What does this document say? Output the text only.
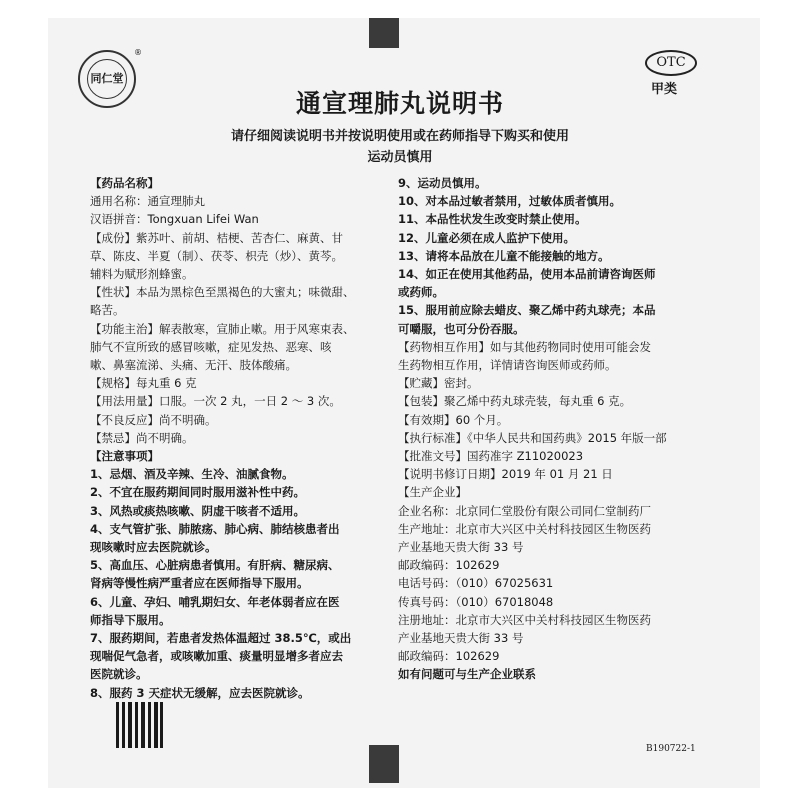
同仁堂
®
OTC
甲类
通宣理肺丸说明书
请仔细阅读说明书并按说明使用或在药师指导下购买和使用
运动员慎用
【药品名称】
通用名称：通宣理肺丸
汉语拼音：Tongxuan Lifei Wan
【成份】紫苏叶、前胡、桔梗、苦杏仁、麻黄、甘
草、陈皮、半夏（制）、茯苓、枳壳（炒）、黄芩。
辅料为赋形剂蜂蜜。
【性状】本品为黑棕色至黑褐色的大蜜丸；味微甜、
略苦。
【功能主治】解表散寒，宣肺止嗽。用于风寒束表、
肺气不宣所致的感冒咳嗽，症见发热、恶寒、咳
嗽、鼻塞流涕、头痛、无汗、肢体酸痛。
【规格】每丸重 6 克
【用法用量】口服。一次 2 丸，一日 2 ～ 3 次。
【不良反应】尚不明确。
【禁忌】尚不明确。
【注意事项】
1、忌烟、酒及辛辣、生冷、油腻食物。
2、不宜在服药期间同时服用滋补性中药。
3、风热或痰热咳嗽、阴虚干咳者不适用。
4、支气管扩张、肺脓疡、肺心病、肺结核患者出
现咳嗽时应去医院就诊。
5、高血压、心脏病患者慎用。有肝病、糖尿病、
肾病等慢性病严重者应在医师指导下服用。
6、儿童、孕妇、哺乳期妇女、年老体弱者应在医
师指导下服用。
7、服药期间，若患者发热体温超过 38.5℃，或出
现喘促气急者，或咳嗽加重、痰量明显增多者应去
医院就诊。
8、服药 3 天症状无缓解，应去医院就诊。
9、运动员慎用。
10、对本品过敏者禁用，过敏体质者慎用。
11、本品性状发生改变时禁止使用。
12、儿童必须在成人监护下使用。
13、请将本品放在儿童不能接触的地方。
14、如正在使用其他药品，使用本品前请咨询医师
或药师。
15、服用前应除去蜡皮、聚乙烯中药丸球壳；本品
可嚼服，也可分份吞服。
【药物相互作用】如与其他药物同时使用可能会发
生药物相互作用，详情请咨询医师或药师。
【贮藏】密封。
【包装】聚乙烯中药丸球壳装，每丸重 6 克。
【有效期】60 个月。
【执行标准】《中华人民共和国药典》2015 年版一部
【批准文号】国药准字 Z11020023
【说明书修订日期】2019 年 01 月 21 日
【生产企业】
企业名称：北京同仁堂股份有限公司同仁堂制药厂
生产地址：北京市大兴区中关村科技园区生物医药
产业基地天贵大街 33 号
邮政编码：102629
电话号码：（010）67025631
传真号码：（010）67018048
注册地址：北京市大兴区中关村科技园区生物医药
产业基地天贵大街 33 号
邮政编码：102629
如有问题可与生产企业联系
B190722-1
